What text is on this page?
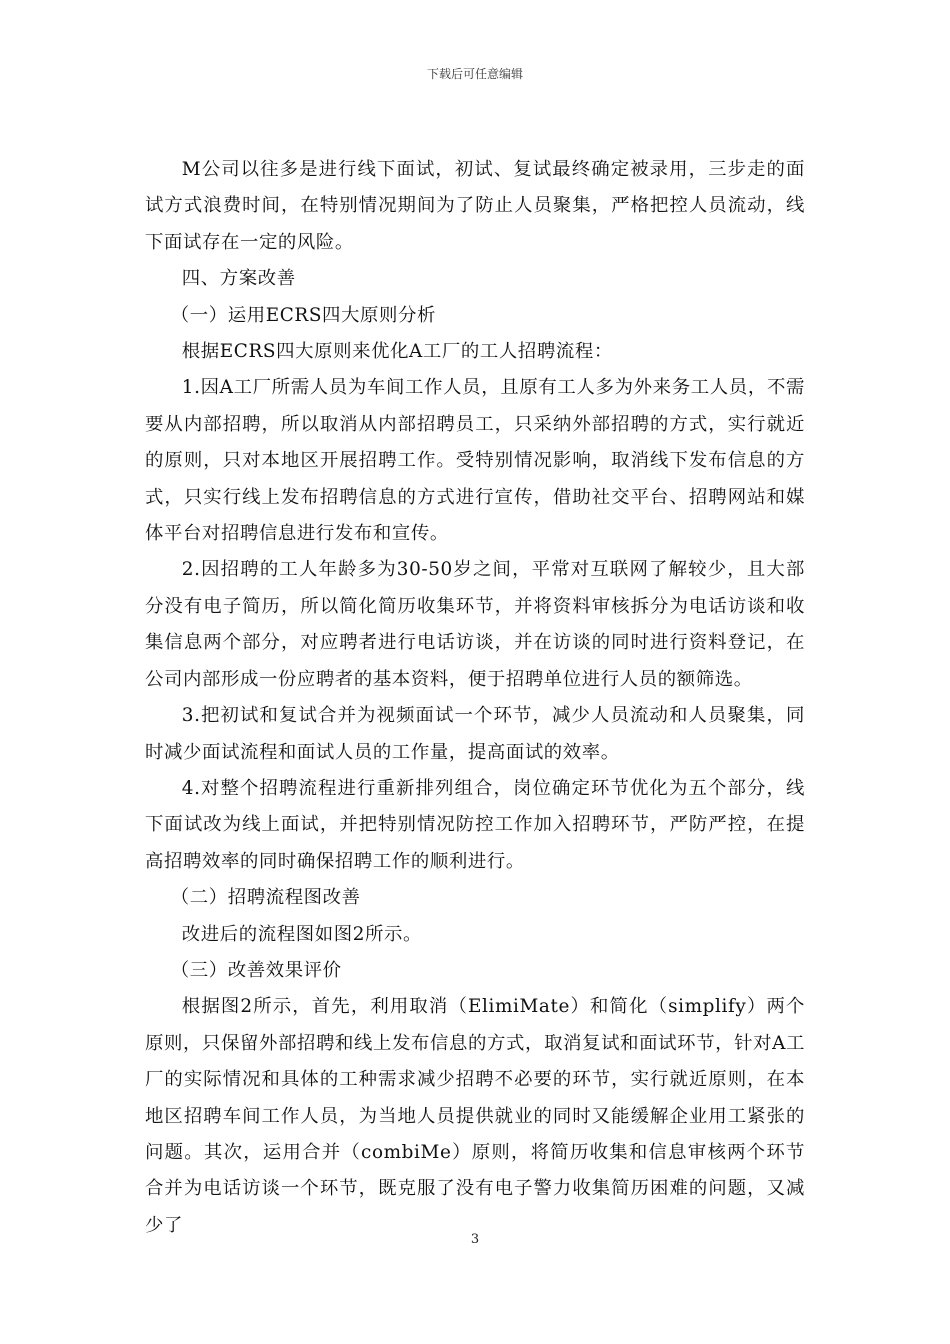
下载后可任意编辑

M公司以往多是进行线下面试，初试、复试最终确定被录用，三步走的面试方式浪费时间，在特别情况期间为了防止人员聚集，严格把控人员流动，线下面试存在一定的风险。

四、方案改善

（一）运用ECRS四大原则分析

根据ECRS四大原则来优化A工厂的工人招聘流程：

1.因A工厂所需人员为车间工作人员，且原有工人多为外来务工人员，不需要从内部招聘，所以取消从内部招聘员工，只采纳外部招聘的方式，实行就近的原则，只对本地区开展招聘工作。受特别情况影响，取消线下发布信息的方式，只实行线上发布招聘信息的方式进行宣传，借助社交平台、招聘网站和媒体平台对招聘信息进行发布和宣传。

2.因招聘的工人年龄多为30-50岁之间，平常对互联网了解较少，且大部分没有电子简历，所以简化简历收集环节，并将资料审核拆分为电话访谈和收集信息两个部分，对应聘者进行电话访谈，并在访谈的同时进行资料登记，在公司内部形成一份应聘者的基本资料，便于招聘单位进行人员的额筛选。

3.把初试和复试合并为视频面试一个环节，减少人员流动和人员聚集，同时减少面试流程和面试人员的工作量，提高面试的效率。

4.对整个招聘流程进行重新排列组合，岗位确定环节优化为五个部分，线下面试改为线上面试，并把特别情况防控工作加入招聘环节，严防严控，在提高招聘效率的同时确保招聘工作的顺利进行。

（二）招聘流程图改善

改进后的流程图如图2所示。

（三）改善效果评价

根据图2所示，首先，利用取消（ElimiMate）和简化（simplify）两个原则，只保留外部招聘和线上发布信息的方式，取消复试和面试环节，针对A工厂的实际情况和具体的工种需求减少招聘不必要的环节，实行就近原则，在本地区招聘车间工作人员，为当地人员提供就业的同时又能缓解企业用工紧张的问题。其次，运用合并（combiMe）原则，将简历收集和信息审核两个环节合并为电话访谈一个环节，既克服了没有电子警力收集简历困难的问题，又减少了

3
